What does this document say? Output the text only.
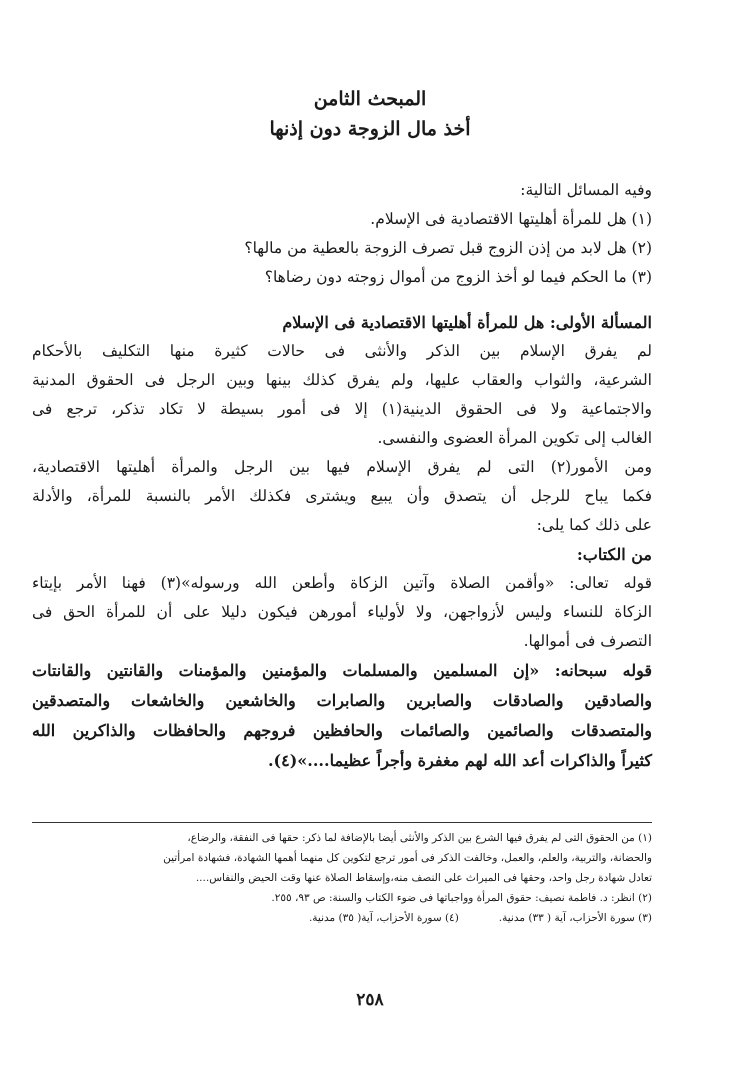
المبحث الثامن
أخذ مال الزوجة دون إذنها
وفيه المسائل التالية:
(١) هل للمرأة أهليتها الاقتصادية فى الإسلام.
(٢) هل لابد من إذن الزوج قبل تصرف الزوجة بالعطية من مالها؟
(٣) ما الحكم فيما لو أخذ الزوج من أموال زوجته دون رضاها؟
المسألة الأولى: هل للمرأة أهليتها الاقتصادية فى الإسلام
لم يفرق الإسلام بين الذكر والأنثى فى حالات كثيرة منها التكليف بالأحكام
الشرعية، والثواب والعقاب عليها، ولم يفرق كذلك بينها وبين الرجل فى الحقوق المدنية
والاجتماعية ولا فى الحقوق الدينية(١) إلا فى أمور بسيطة لا تكاد تذكر، ترجع فى
الغالب إلى تكوين المرأة العضوى والنفسى.
ومن الأمور(٢) التى لم يفرق الإسلام فيها بين الرجل والمرأة أهليتها الاقتصادية،
فكما يباح للرجل أن يتصدق وأن يبيع ويشترى فكذلك الأمر بالنسبة للمرأة، والأدلة
على ذلك كما يلى:
من الكتاب:
قوله تعالى: «وأقمن الصلاة وآتين الزكاة وأطعن الله ورسوله»(٣) فهنا الأمر بإيتاء
الزكاة للنساء وليس لأزواجهن، ولا لأولياء أمورهن فيكون دليلا على أن للمرأة الحق فى
التصرف فى أموالها.
قوله سبحانه: «إن المسلمين والمسلمات والمؤمنين والمؤمنات والقانتين والقانتات
والصادقين والصادقات والصابرين والصابرات والخاشعين والخاشعات والمتصدقين
والمتصدقات والصائمين والصائمات والحافظين فروجهم والحافظات والذاكرين الله
كثيراً والذاكرات أعد الله لهم مغفرة وأجراً عظيما....»(٤).
(١) من الحقوق التى لم يفرق فيها الشرع بين الذكر والأنثى أيضا بالإضافة لما ذكر: حقها فى النفقة، والرضاع،
والحضانة، والتربية، والعلم، والعمل، وخالفت الذكر فى أمور ترجع لتكوين كل منهما أهمها الشهادة، فشهادة امرأتين
تعادل شهادة رجل واحد، وحقها فى الميراث على النصف منه،وإسقاط الصلاة عنها وقت الحيض والنفاس....
(٢) انظر: د. فاطمة نصيف: حقوق المرأة وواجباتها فى ضوء الكتاب والسنة: ص ٩٣، ٢٥٥.
(٣) سورة الأحزاب، آية ( ٣٣) مدنية.
(٤) سورة الأحزاب، آية( ٣٥) مدنية.
٢٥٨
